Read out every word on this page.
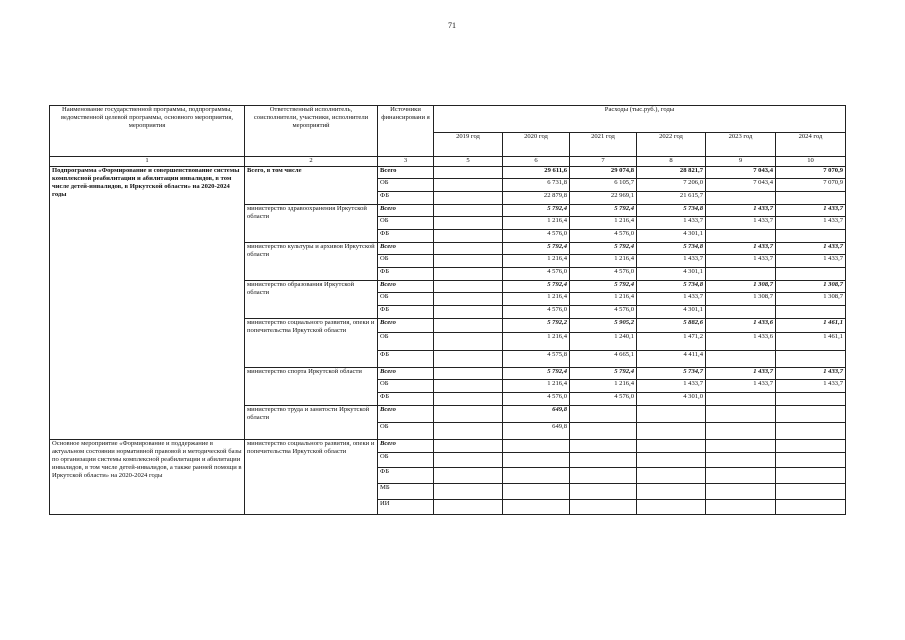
71
Наименование государственной программы, подпрограммы, ведомственной целевой программы, основного мероприятия, мероприятия	Ответственный исполнитель, соисполнители, участники, исполнители мероприятий	Источники финансировани я	Расходы (тыс.руб.), годы					
			2019 год	2020 год	2021 год	2022 год	2023 год	2024 год
1	2	3	5	6	7	8	9	10
Подпрограмма «Формирование и совершенствование системы комплексной реабилитации и абилитации инвалидов, в том числе детей-инвалидов, в Иркутской области» на 2020-2024 годы	Всего, в том числе	Всего		29 611,6	29 074,8	28 821,7	7 043,4	7 070,9
		ОБ		6 731,8	6 105,7	7 206,0	7 043,4	7 070,9
		ФБ		22 879,8	22 969,1	21 615,7		
	министерство здравоохранения Иркутской области	Всего		5 792,4	5 792,4	5 734,8	1 433,7	1 433,7
		ОБ		1 216,4	1 216,4	1 433,7	1 433,7	1 433,7
		ФБ		4 576,0	4 576,0	4 301,1		
	министерство культуры и архивов Иркутской области	Всего		5 792,4	5 792,4	5 734,8	1 433,7	1 433,7
		ОБ		1 216,4	1 216,4	1 433,7	1 433,7	1 433,7
		ФБ		4 576,0	4 576,0	4 301,1		
	министерство образования Иркутской области	Всего		5 792,4	5 792,4	5 734,8	1 308,7	1 308,7
		ОБ		1 216,4	1 216,4	1 433,7	1 308,7	1 308,7
		ФБ		4 576,0	4 576,0	4 301,1		
	министерство социального развития, опеки и попечительства Иркутской области	Всего		5 792,2	5 905,2	5 882,6	1 433,6	1 461,1
		ОБ		1 216,4	1 240,1	1 471,2	1 433,6	1 461,1
		ФБ		4 575,8	4 665,1	4 411,4		
	министерство спорта Иркутской области	Всего		5 792,4	5 792,4	5 734,7	1 433,7	1 433,7
		ОБ		1 216,4	1 216,4	1 433,7	1 433,7	1 433,7
		ФБ		4 576,0	4 576,0	4 301,0		
	министерство труда и занятости Иркутской области	Всего		649,8				
		ОБ		649,8				
Основное мероприятие «Формирование и поддержание в актуальном состоянии нормативной правовой и методической базы по организации системы комплексной реабилитации и абилитации инвалидов, в том числе детей-инвалидов, а также ранней помощи в Иркутской области» на 2020-2024 годы	министерство социального развития, опеки и попечительства Иркутской области	Всего						
		ОБ						
		ФБ						
		МБ						
		ИИ						
